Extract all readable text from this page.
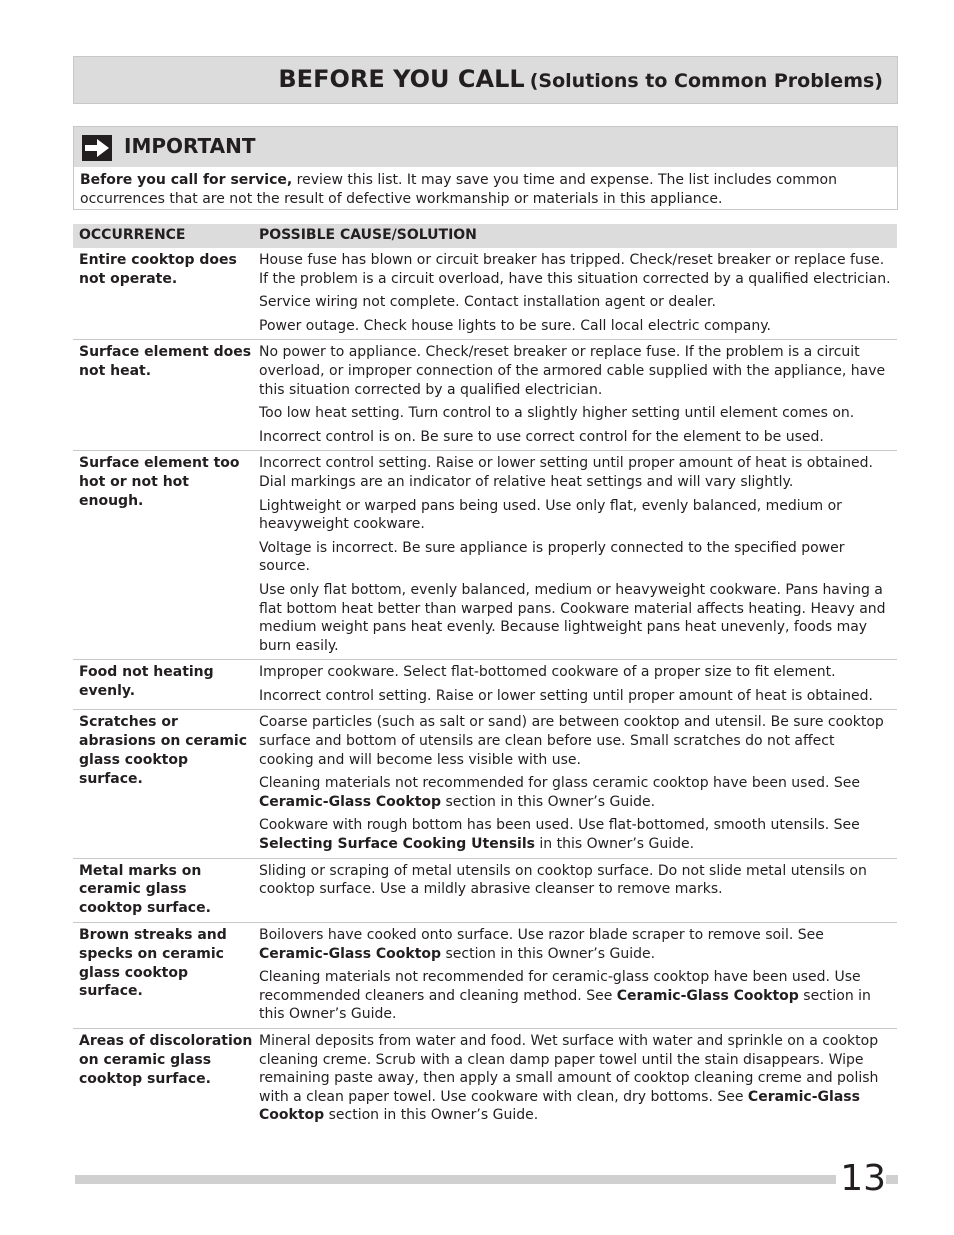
BEFORE YOU CALL (Solutions to Common Problems)
IMPORTANT
Before you call for service, review this list. It may save you time and expense. The list includes common occurrences that are not the result of defective workmanship or materials in this appliance.
OCCURRENCE	POSSIBLE CAUSE/SOLUTION
Entire cooktop does not operate.
House fuse has blown or circuit breaker has tripped. Check/reset breaker or replace fuse. If the problem is a circuit overload, have this situation corrected by a qualified electrician.
Service wiring not complete. Contact installation agent or dealer.
Power outage. Check house lights to be sure. Call local electric company.
Surface element does not heat.
No power to appliance. Check/reset breaker or replace fuse. If the problem is a circuit overload, or improper connection of the armored cable supplied with the appliance, have this situation corrected by a qualified electrician.
Too low heat setting. Turn control to a slightly higher setting until element comes on.
Incorrect control is on. Be sure to use correct control for the element to be used.
Surface element too hot or not hot enough.
Incorrect control setting. Raise or lower setting until proper amount of heat is obtained. Dial markings are an indicator of relative heat settings and will vary slightly.
Lightweight or warped pans being used. Use only flat, evenly balanced, medium or heavyweight cookware.
Voltage is incorrect. Be sure appliance is properly connected to the specified power source.
Use only flat bottom, evenly balanced, medium or heavyweight cookware. Pans having a flat bottom heat better than warped pans. Cookware material affects heating. Heavy and medium weight pans heat evenly. Because lightweight pans heat unevenly, foods may burn easily.
Food not heating evenly.
Improper cookware. Select flat-bottomed cookware of a proper size to fit element.
Incorrect control setting. Raise or lower setting until proper amount of heat is obtained.
Scratches or abrasions on ceramic glass cooktop surface.
Coarse particles (such as salt or sand) are between cooktop and utensil. Be sure cooktop surface and bottom of utensils are clean before use. Small scratches do not affect cooking and will become less visible with use.
Cleaning materials not recommended for glass ceramic cooktop have been used. See Ceramic-Glass Cooktop section in this Owner’s Guide.
Cookware with rough bottom has been used. Use flat-bottomed, smooth utensils. See Selecting Surface Cooking Utensils in this Owner’s Guide.
Metal marks on ceramic glass cooktop surface.
Sliding or scraping of metal utensils on cooktop surface. Do not slide metal utensils on cooktop surface. Use a mildly abrasive cleanser to remove marks.
Brown streaks and specks on ceramic glass cooktop surface.
Boilovers have cooked onto surface. Use razor blade scraper to remove soil. See Ceramic-Glass Cooktop section in this Owner’s Guide.
Cleaning materials not recommended for ceramic-glass cooktop have been used. Use recommended cleaners and cleaning method. See Ceramic-Glass Cooktop section in this Owner’s Guide.
Areas of discoloration on ceramic glass cooktop surface.
Mineral deposits from water and food. Wet surface with water and sprinkle on a cooktop cleaning creme. Scrub with a clean damp paper towel until the stain disappears. Wipe remaining paste away, then apply a small amount of cooktop cleaning creme and polish with a clean paper towel. Use cookware with clean, dry bottoms. See Ceramic-Glass Cooktop section in this Owner’s Guide.
13
